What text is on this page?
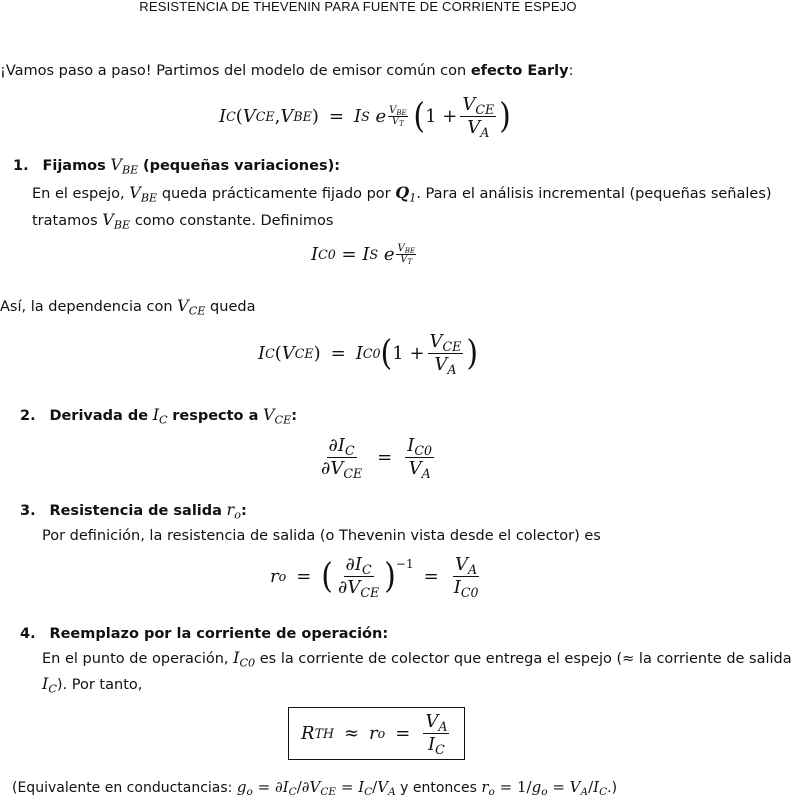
RESISTENCIA DE THEVENIN PARA FUENTE DE CORRIENTE ESPEJO
¡Vamos paso a paso! Partimos del modelo de emisor común con efecto Early:
I C ( V CE , V BE ) = I S
e $\frac{V_{BE}}{V_T}$
( $1 + \frac{V_{CE}}{V_A}$ )
1. Fijamos $V_{BE}$ (pequeñas variaciones):
En el espejo, $V_{BE}$ queda prácticamente fijado por $Q_1$. Para el análisis incremental (pequeñas señales)
tratamos $V_{BE}$ como constante. Definimos
I C0 = I S
e $\frac{V_{BE}}{V_T}$
Así, la dependencia con $V_{CE}$ queda
I C ( V CE ) = I C0 ( $1 + \frac{V_{CE}}{V_A}$ )
2. Derivada de $I_C$ respecto a $V_{CE}$:
$\frac{\partial I_C}{\partial V_{CE}} = \frac{I_{C0}}{V_A}$
3. Resistencia de salida $r_o$:
Por definición, la resistencia de salida (o Thevenin vista desde el colector) es
r o = ( $\frac{\partial I_C}{\partial V_{CE}}$ ) −1
= $\frac{V_A}{I_{C0}}$
4. Reemplazo por la corriente de operación:
En el punto de operación, $I_{C0}$ es la corriente de colector que entrega el espejo (≈ la corriente de salida
$I_C$). Por tanto,
R TH ≈ r $o = \frac{V_A}{I_C}$
(Equivalente en conductancias: $g_o = \partial I_C/\partial V_{CE} = I_C/V_A$ y entonces $r_o = 1/g_o = V_A/I_C$.)
